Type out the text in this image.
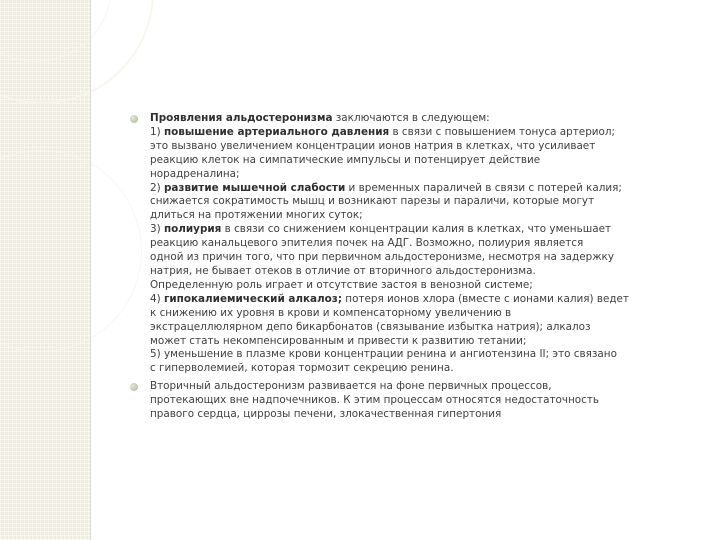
Проявления альдостеронизма заключаются в следующем:
1) повышение артериального давления в связи с повышением тонуса артериол;
это вызвано увеличением концентрации ионов натрия в клетках, что усиливает
реакцию клеток на симпатические импульсы и потенцирует действие
норадреналина;
2) развитие мышечной слабости и временных параличей в связи с потерей калия;
снижается сократимость мышц и возникают парезы и параличи, которые могут
длиться на протяжении многих суток;
3) полиурия в связи со снижением концентрации калия в клетках, что уменьшает
реакцию канальцевого эпителия почек на АДГ. Возможно, полиурия является
одной из причин того, что при первичном альдостеронизме, несмотря на задержку
натрия, не бывает отеков в отличие от вторичного альдостеронизма.
Определенную роль играет и отсутствие застоя в венозной системе;
4) гипокалиемический алкалоз; потеря ионов хлора (вместе с ионами калия) ведет
к снижению их уровня в крови и компенсаторному увеличению в
экстрацеллюлярном депо бикарбонатов (связывание избытка натрия); алкалоз
может стать некомпенсированным и привести к развитию тетании;
5) уменьшение в плазме крови концентрации ренина и ангиотензина II; это связано
с гиперволемией, которая тормозит секрецию ренина.
Вторичный альдостеронизм развивается на фоне первичных процессов,
протекающих вне надпочечников. К этим процессам относятся недостаточность
правого сердца, циррозы печени, злокачественная гипертония
